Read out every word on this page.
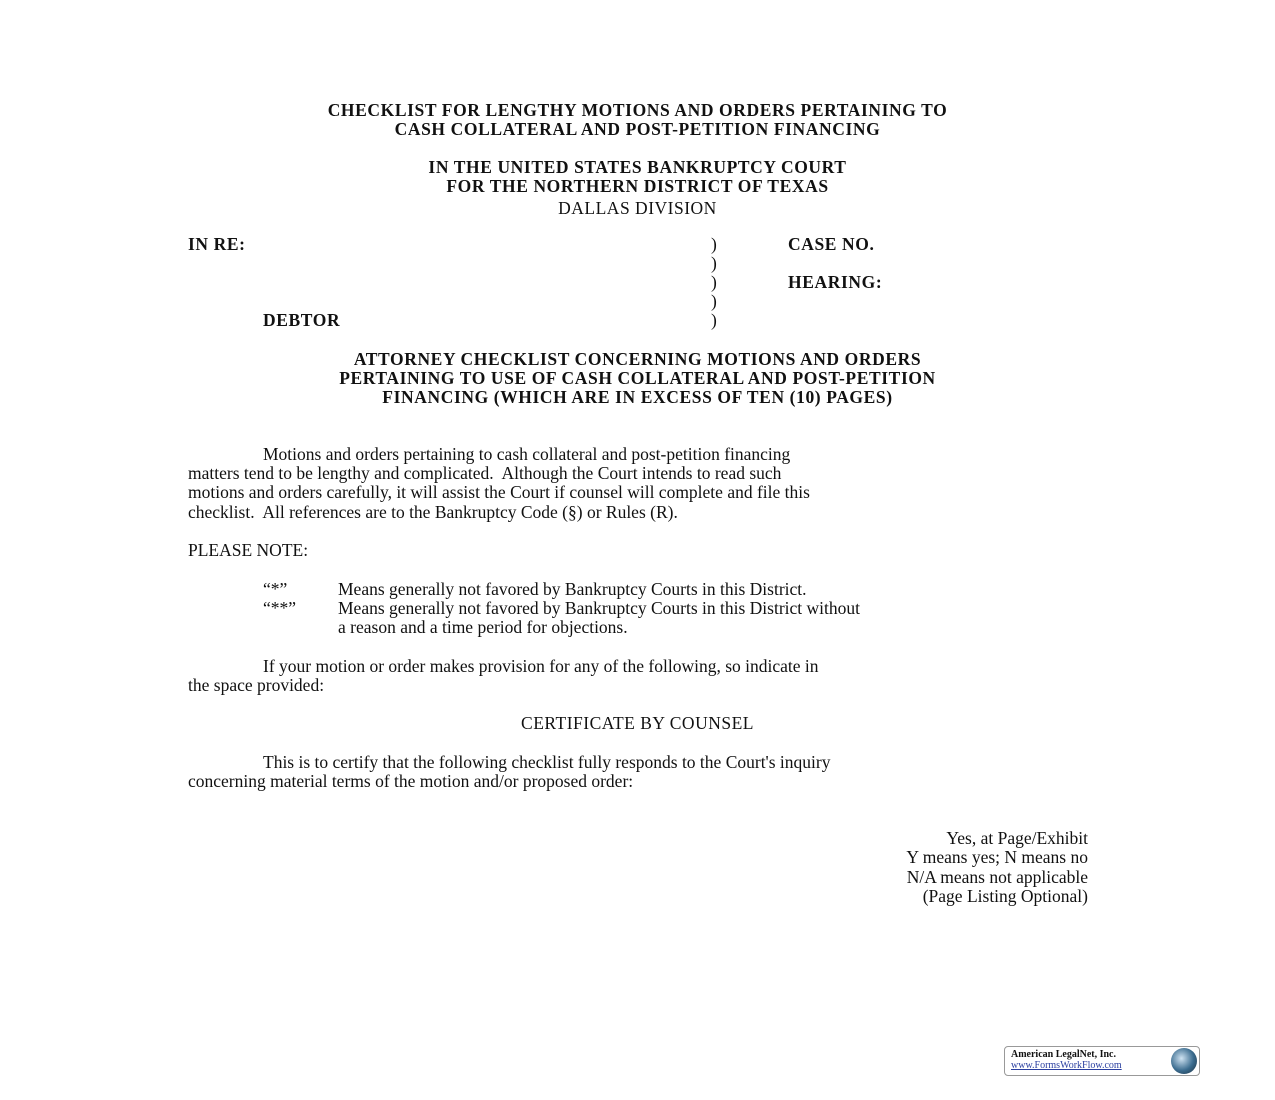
CHECKLIST FOR LENGTHY MOTIONS AND ORDERS PERTAINING TO
CASH COLLATERAL AND POST-PETITION FINANCING
IN THE UNITED STATES BANKRUPTCY COURT
FOR THE NORTHERN DISTRICT OF TEXAS
DALLAS DIVISION
IN RE:
DEBTOR
)
)
)
)
)
CASE NO.
HEARING:
ATTORNEY CHECKLIST CONCERNING MOTIONS AND ORDERS
PERTAINING TO USE OF CASH COLLATERAL AND POST-PETITION
FINANCING (WHICH ARE IN EXCESS OF TEN (10) PAGES)
Motions and orders pertaining to cash collateral and post-petition financing
matters tend to be lengthy and complicated.  Although the Court intends to read such
motions and orders carefully, it will assist the Court if counsel will complete and file this
checklist.  All references are to the Bankruptcy Code (§) or Rules (R).
PLEASE NOTE:
“*”	Means generally not favored by Bankruptcy Courts in this District.
“**” Means generally not favored by Bankruptcy Courts in this District without
a reason and a time period for objections.
If your motion or order makes provision for any of the following, so indicate in
the space provided:
CERTIFICATE BY COUNSEL
This is to certify that the following checklist fully responds to the Court's inquiry
concerning material terms of the motion and/or proposed order:
Yes, at Page/Exhibit
Y means yes; N means no
N/A means not applicable
(Page Listing Optional)
American LegalNet, Inc.
www.FormsWorkFlow.com
